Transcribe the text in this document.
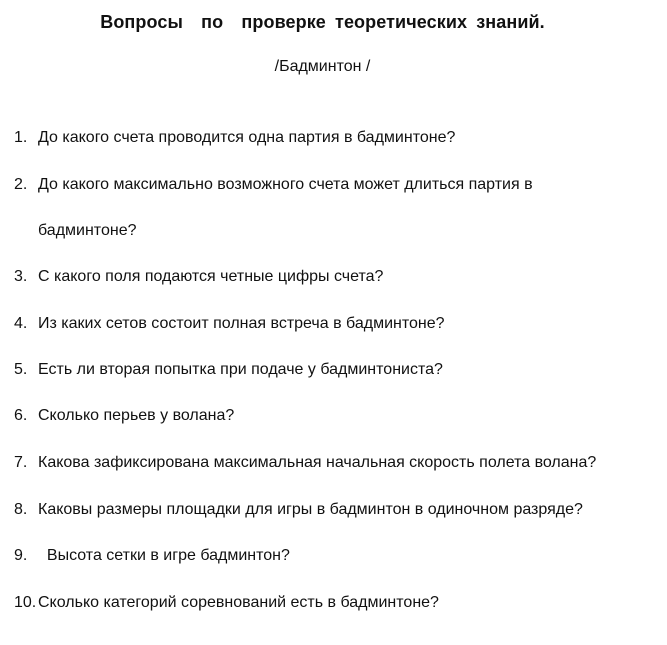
Вопросы  по  проверке теоретических знаний.
/Бадминтон /
1. До какого счета проводится одна партия в бадминтоне?
2. До какого максимально возможного счета может длиться партия в
бадминтоне?
3. С какого поля подаются четные цифры счета?
4. Из каких сетов состоит полная встреча в бадминтоне?
5. Есть ли вторая попытка при подаче у бадминтониста?
6. Сколько перьев у волана?
7. Какова зафиксирована максимальная начальная скорость полета волана?
8. Каковы размеры площадки для игры в бадминтон в одиночном разряде?
9.  Высота сетки в игре бадминтон?
10. Сколько категорий соревнований есть в бадминтоне?
